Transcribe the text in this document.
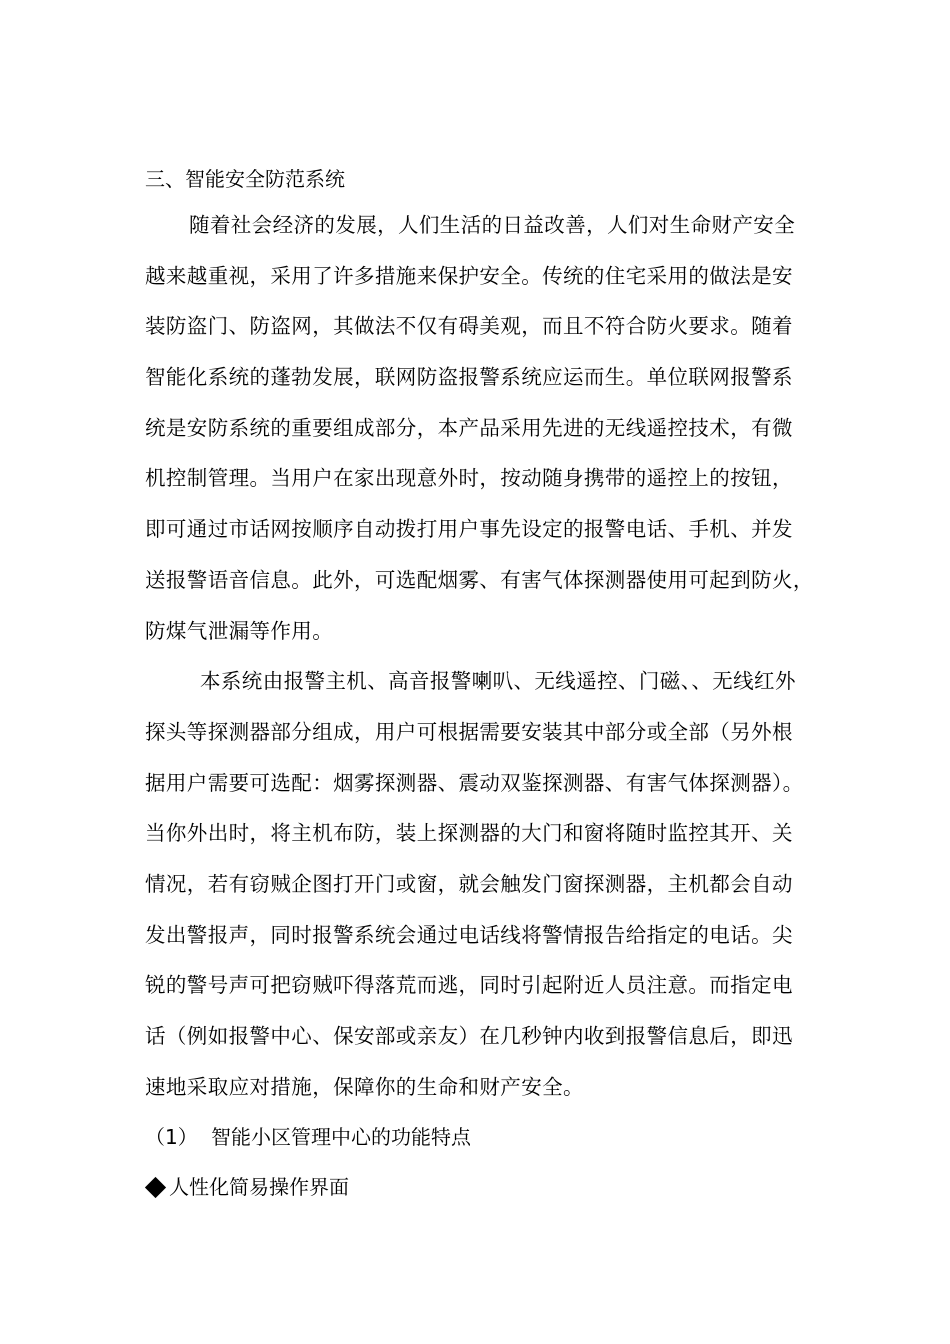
三、智能安全防范系统
随着社会经济的发展，人们生活的日益改善，人们对生命财产安全
越来越重视，采用了许多措施来保护安全。传统的住宅采用的做法是安
装防盗门、防盗网，其做法不仅有碍美观，而且不符合防火要求。随着
智能化系统的蓬勃发展，联网防盗报警系统应运而生。单位联网报警系
统是安防系统的重要组成部分，本产品采用先进的无线遥控技术，有微
机控制管理。当用户在家出现意外时，按动随身携带的遥控上的按钮，
即可通过市话网按顺序自动拨打用户事先设定的报警电话、手机、并发
送报警语音信息。此外，可选配烟雾、有害气体探测器使用可起到防火，
防煤气泄漏等作用。
本系统由报警主机、高音报警喇叭、无线遥控、门磁、、无线红外
探头等探测器部分组成，用户可根据需要安装其中部分或全部（另外根
据用户需要可选配：烟雾探测器、震动双鉴探测器、有害气体探测器）。
当你外出时，将主机布防，装上探测器的大门和窗将随时监控其开、关
情况，若有窃贼企图打开门或窗，就会触发门窗探测器，主机都会自动
发出警报声，同时报警系统会通过电话线将警情报告给指定的电话。尖
锐的警号声可把窃贼吓得落荒而逃，同时引起附近人员注意。而指定电
话（例如报警中心、保安部或亲友）在几秒钟内收到报警信息后，即迅
速地采取应对措施，保障你的生命和财产安全。
（1） 智能小区管理中心的功能特点
人性化简易操作界面
